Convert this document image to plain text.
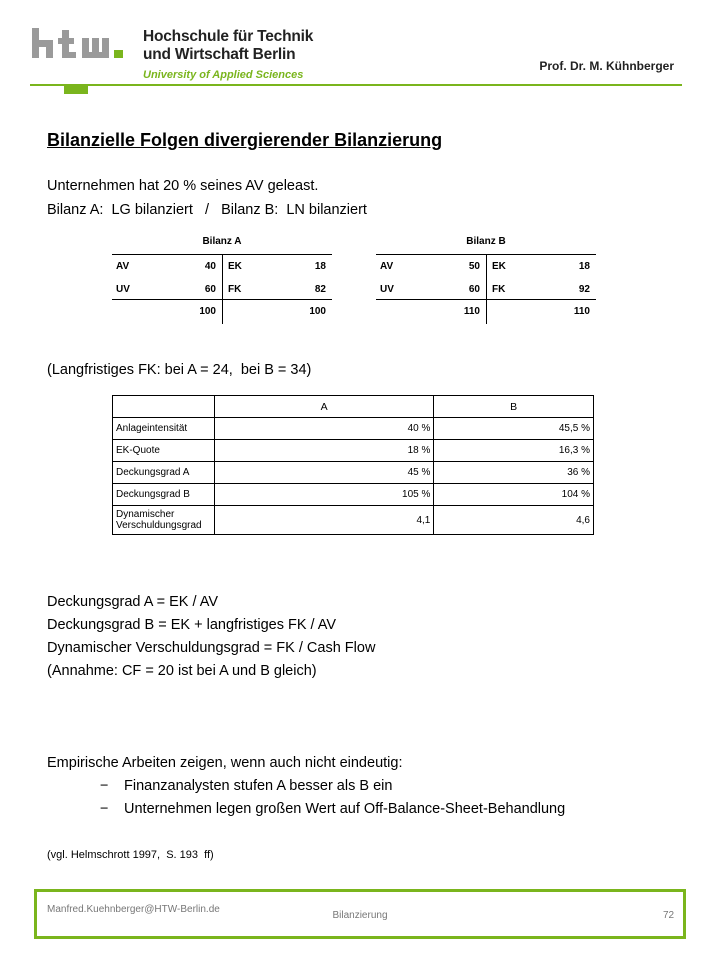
Hochschule für Technik
und Wirtschaft Berlin
University of Applied Sciences
Prof. Dr. M. Kühnberger
Bilanzielle Folgen divergierender Bilanzierung
Unternehmen hat 20 % seines AV geleast.
Bilanz A:  LG bilanziert   /   Bilanz B:  LN bilanziert
Bilanz A
AV	40 EK	18
UV	60 FK	82
100	100
Bilanz B
AV	50 EK	18
UV	60 FK	92
110	110
(Langfristiges FK: bei A = 24,  bei B = 34)
	A	B
Anlageintensität	40 %	45,5 %
EK-Quote	18 %	16,3 %
Deckungsgrad A	45 %	36 %
Deckungsgrad B	105 %	104 %
Dynamischer
Verschuldungsgrad	4,1	4,6
Deckungsgrad A = EK / AV
Deckungsgrad B = EK + langfristiges FK / AV
Dynamischer Verschuldungsgrad = FK / Cash Flow
(Annahme: CF = 20 ist bei A und B gleich)
Empirische Arbeiten zeigen, wenn auch nicht eindeutig:
− Finanzanalysten stufen A besser als B ein
− Unternehmen legen großen Wert auf Off-Balance-Sheet-Behandlung
(vgl. Helmschrott 1997,  S. 193  ff)
Manfred.Kuehnberger@HTW-Berlin.de
Bilanzierung	72
